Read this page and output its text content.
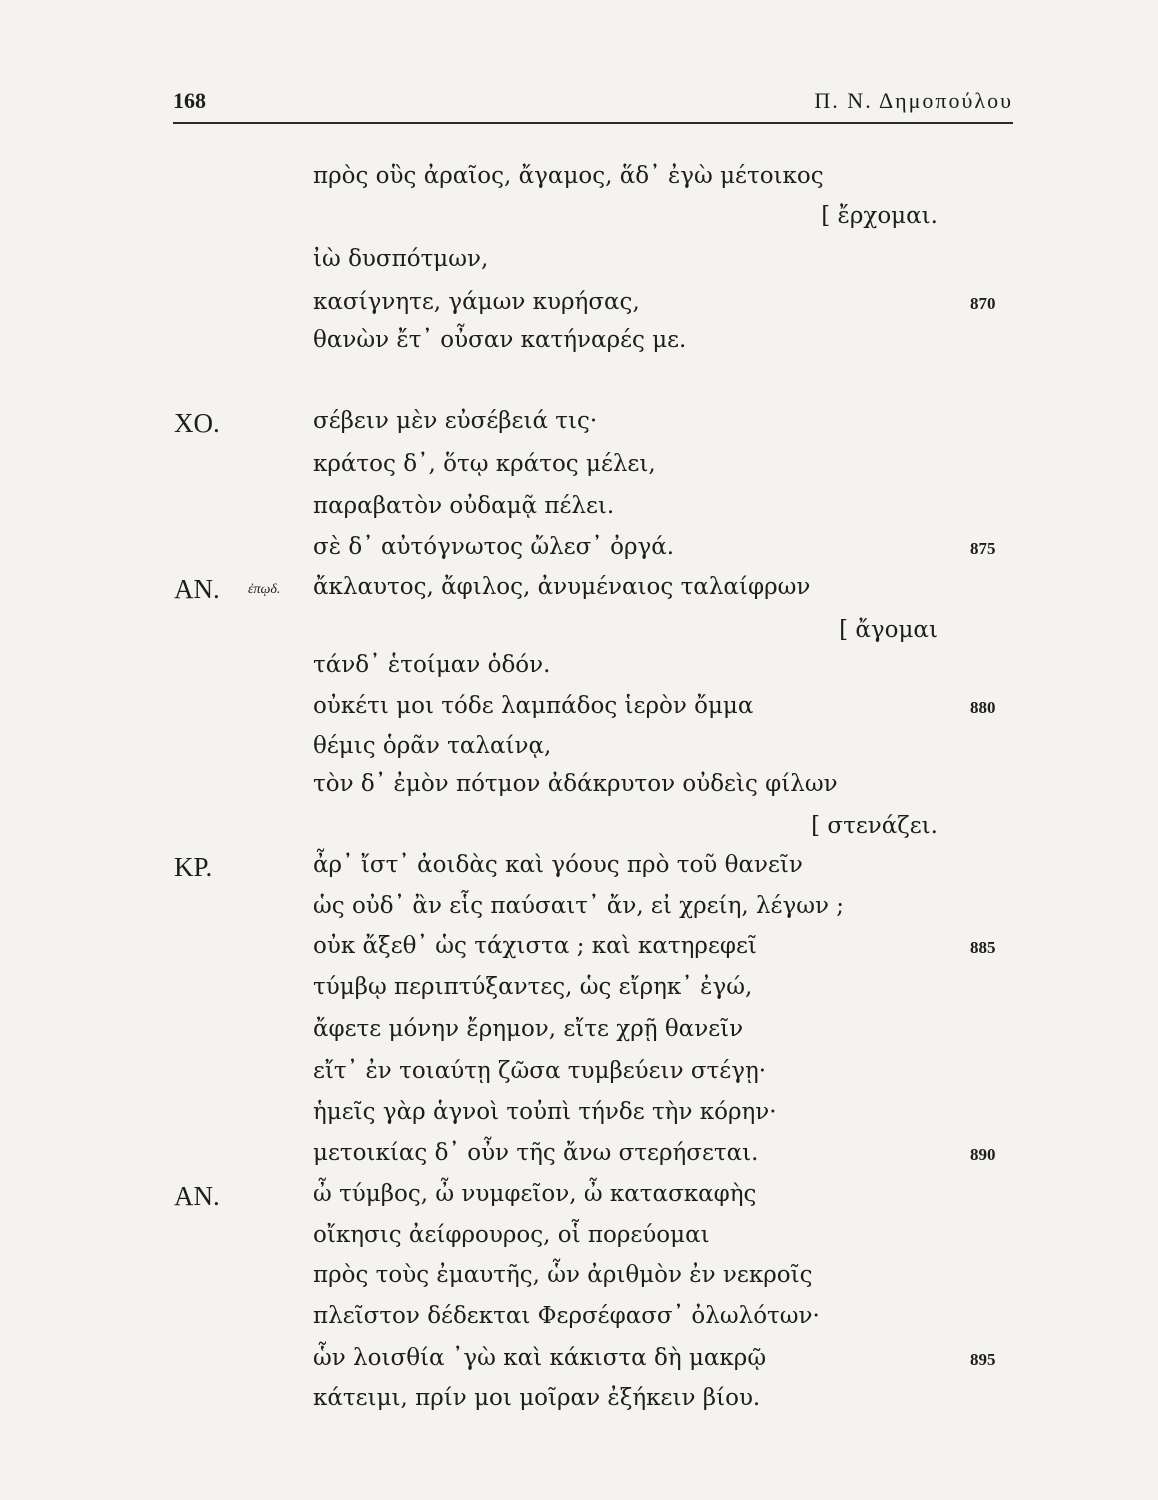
168	Π. Ν. Δημοπούλου
πρὸς οὓς ἀραῖος, ἄγαμος, ἅδ᾽ ἐγὼ μέτοικος
[ ἔρχομαι.
ἰὼ δυσπότμων,
κασίγνητε, γάμων κυρήσας,	870
θανὼν ἔτ᾽ οὖσαν κατήναρές με.
ΧΟ.	σέβειν μὲν εὐσέβειά τις·
κράτος δ᾽, ὅτῳ κράτος μέλει,
παραβατὸν οὐδαμᾷ πέλει.
σὲ δ᾽ αὐτόγνωτος ὤλεσ᾽ ὀργά.	875
ΑΝ. ἐπῳδ. ἄκλαυτος, ἄφιλος, ἀνυμέναιος ταλαίφρων
[ ἄγομαι
τάνδ᾽ ἑτοίμαν ὁδόν.
οὐκέτι μοι τόδε λαμπάδος ἱερὸν ὄμμα	880
θέμις ὁρᾶν ταλαίνᾳ,
τὸν δ᾽ ἐμὸν πότμον ἀδάκρυτον οὐδεὶς φίλων
[ στενάζει.
ΚΡ.	ἆρ᾽ ἴστ᾽ ἀοιδὰς καὶ γόους πρὸ τοῦ θανεῖν
ὡς οὐδ᾽ ἂν εἷς παύσαιτ᾽ ἄν, εἰ χρείη, λέγων ;
οὐκ ἄξεθ᾽ ὡς τάχιστα ; καὶ κατηρεφεῖ	885
τύμβῳ περιπτύξαντες, ὡς εἴρηκ᾽ ἐγώ,
ἄφετε μόνην ἔρημον, εἴτε χρῇ θανεῖν
εἴτ᾽ ἐν τοιαύτῃ ζῶσα τυμβεύειν στέγῃ·
ἡμεῖς γὰρ ἁγνοὶ τοὐπὶ τήνδε τὴν κόρην·
μετοικίας δ᾽ οὖν τῆς ἄνω στερήσεται.	890
ΑΝ.	ὦ τύμβος, ὦ νυμφεῖον, ὦ κατασκαφὴς
οἴκησις ἀείφρουρος, οἷ πορεύομαι
πρὸς τοὺς ἐμαυτῆς, ὧν ἀριθμὸν ἐν νεκροῖς
πλεῖστον δέδεκται Φερσέφασσ᾽ ὀλωλότων·
ὧν λοισθία ᾽γὼ καὶ κάκιστα δὴ μακρῷ	895
κάτειμι, πρίν μοι μοῖραν ἐξήκειν βίου.
